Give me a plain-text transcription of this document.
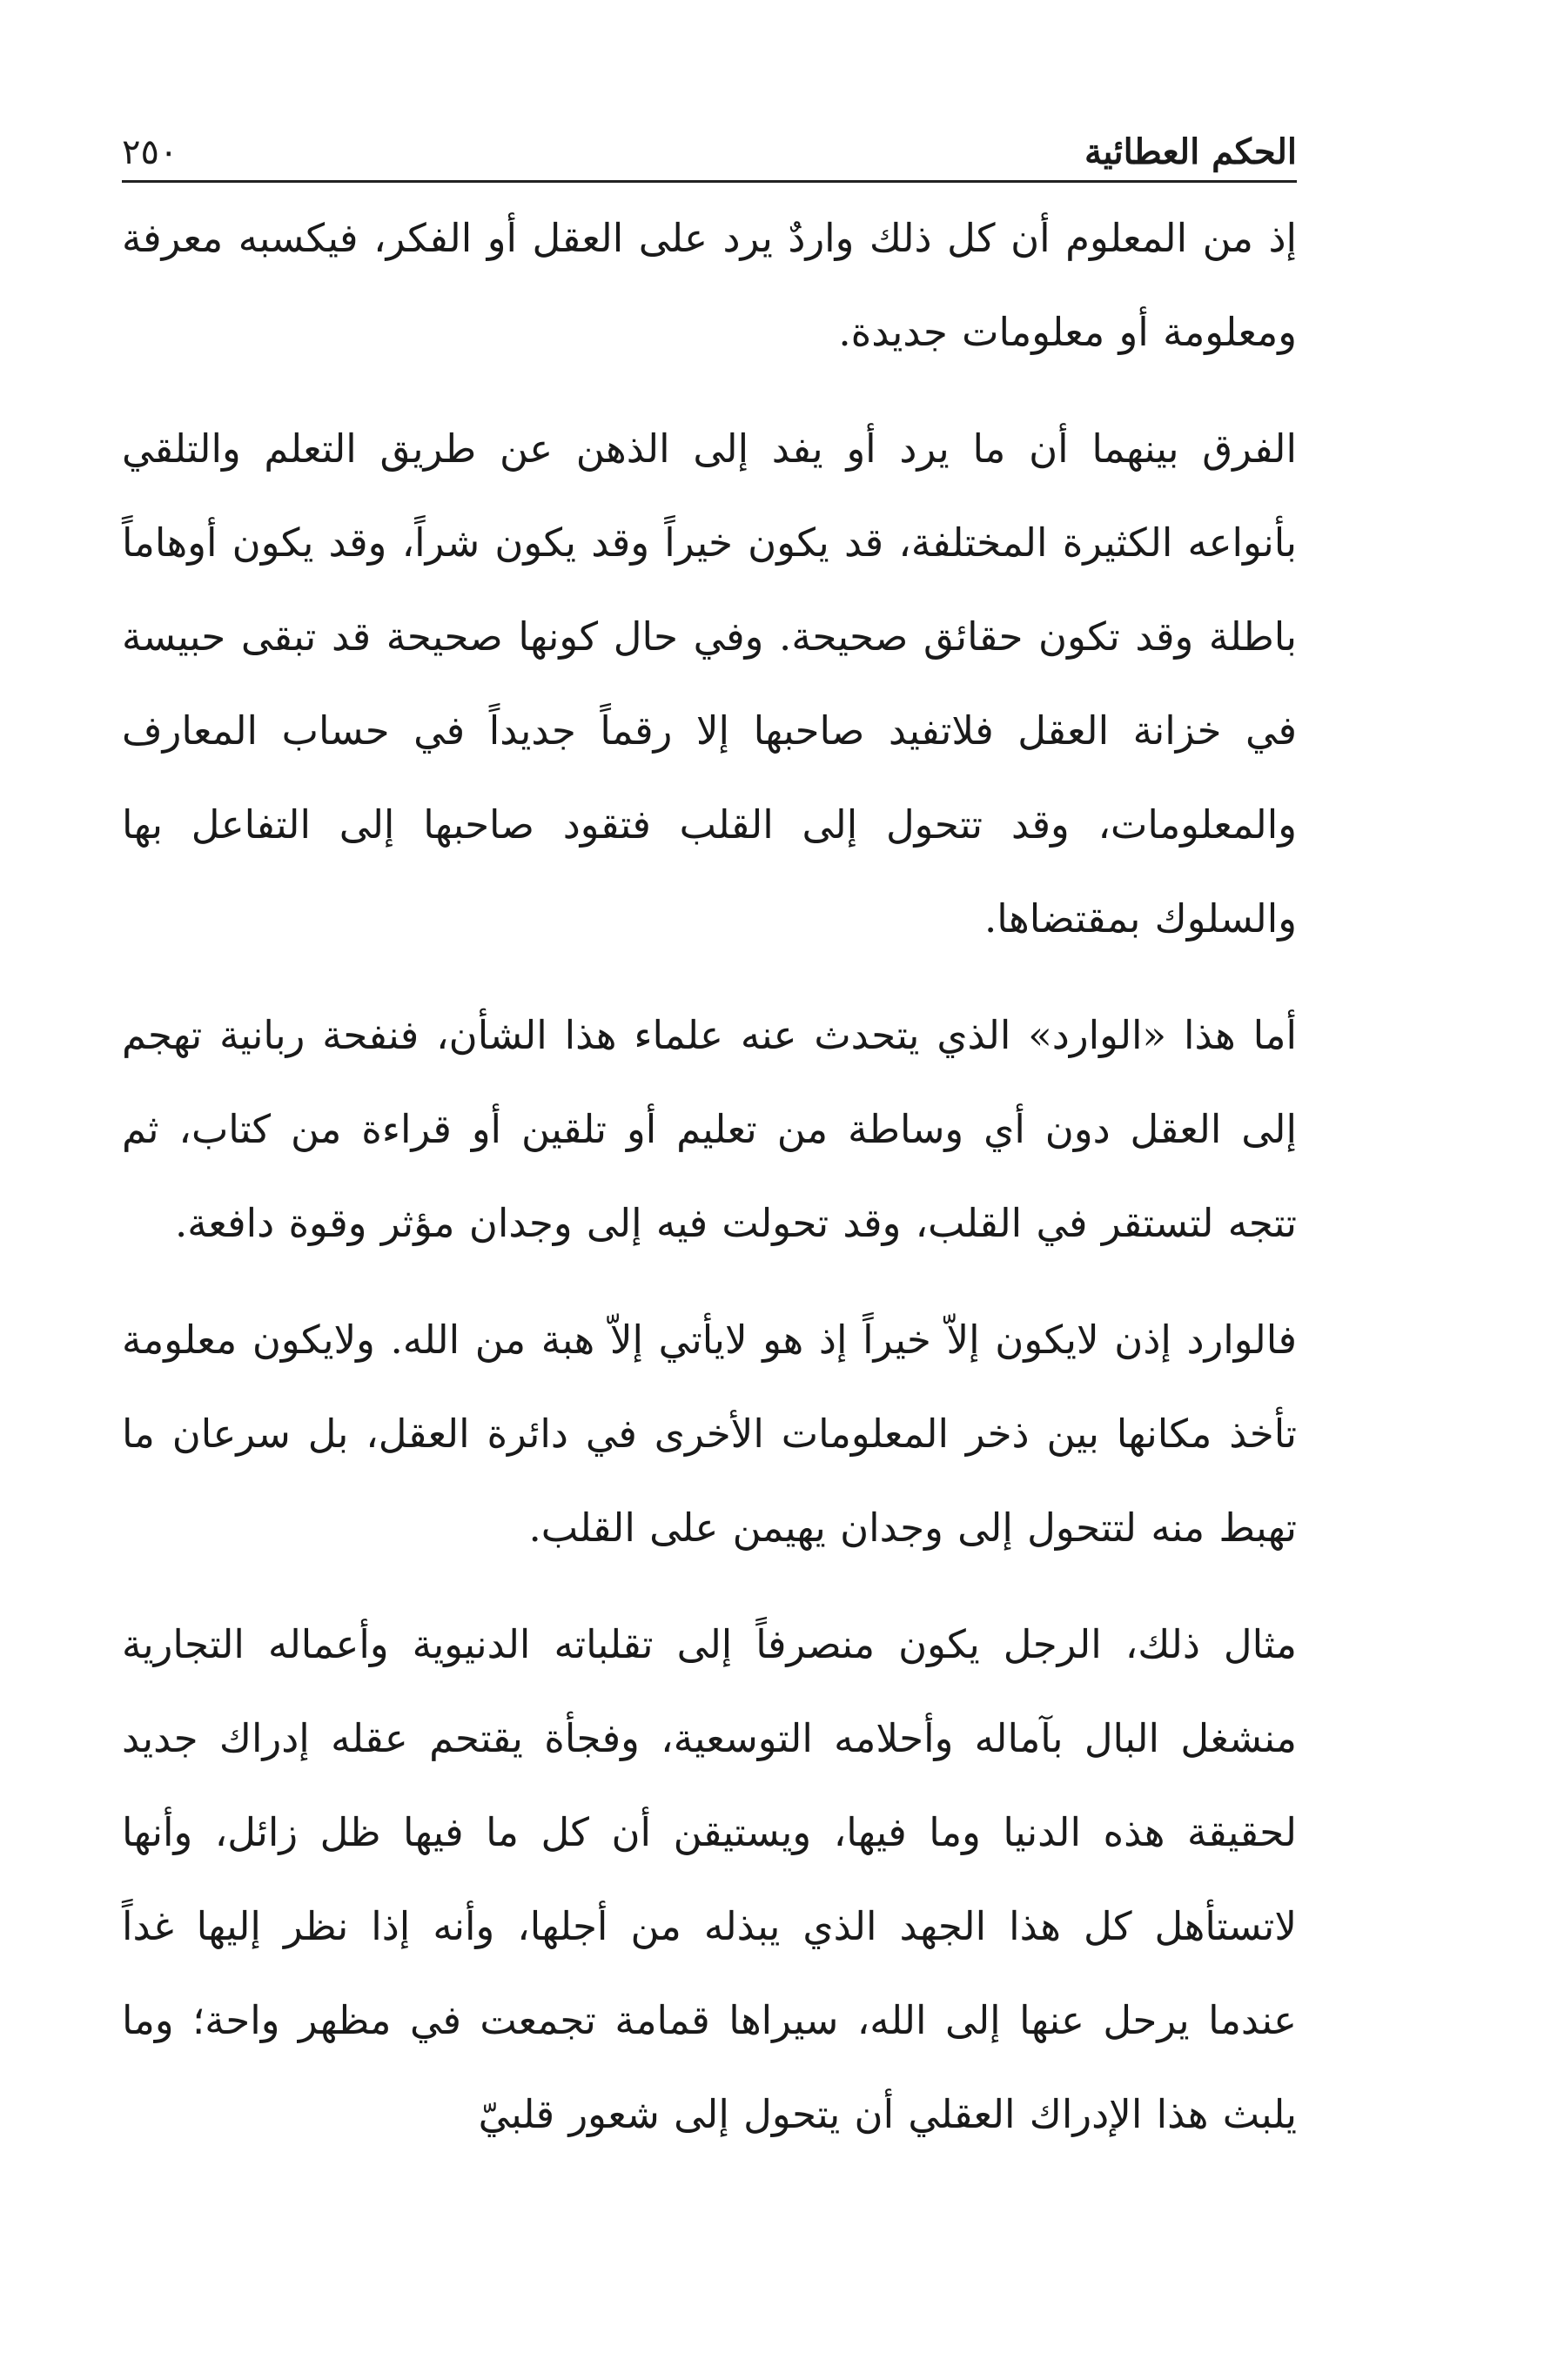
الحكم العطائية
٢٥٠

إذ من المعلوم أن كل ذلك واردٌ يرد على العقل أو الفكر، فيكسبه معرفة ومعلومة أو معلومات جديدة.

الفرق بينهما أن ما يرد أو يفد إلى الذهن عن طريق التعلم والتلقي بأنواعه الكثيرة المختلفة، قد يكون خيراً وقد يكون شراً، وقد يكون أوهاماً باطلة وقد تكون حقائق صحيحة. وفي حال كونها صحيحة قد تبقى حبيسة في خزانة العقل فلاتفيد صاحبها إلا رقماً جديداً في حساب المعارف والمعلومات، وقد تتحول إلى القلب فتقود صاحبها إلى التفاعل بها والسلوك بمقتضاها.

أما هذا «الوارد» الذي يتحدث عنه علماء هذا الشأن، فنفحة ربانية تهجم إلى العقل دون أي وساطة من تعليم أو تلقين أو قراءة من كتاب، ثم تتجه لتستقر في القلب، وقد تحولت فيه إلى وجدان مؤثر وقوة دافعة.

فالوارد إذن لايكون إلاّ خيراً إذ هو لايأتي إلاّ هبة من الله. ولايكون معلومة تأخذ مكانها بين ذخر المعلومات الأخرى في دائرة العقل، بل سرعان ما تهبط منه لتتحول إلى وجدان يهيمن على القلب.

مثال ذلك، الرجل يكون منصرفاً إلى تقلباته الدنيوية وأعماله التجارية منشغل البال بآماله وأحلامه التوسعية، وفجأة يقتحم عقله إدراك جديد لحقيقة هذه الدنيا وما فيها، ويستيقن أن كل ما فيها ظل زائل، وأنها لاتستأهل كل هذا الجهد الذي يبذله من أجلها، وأنه إذا نظر إليها غداً عندما يرحل عنها إلى الله، سيراها قمامة تجمعت في مظهر واحة؛ وما يلبث هذا الإدراك العقلي أن يتحول إلى شعور قلبيّ
